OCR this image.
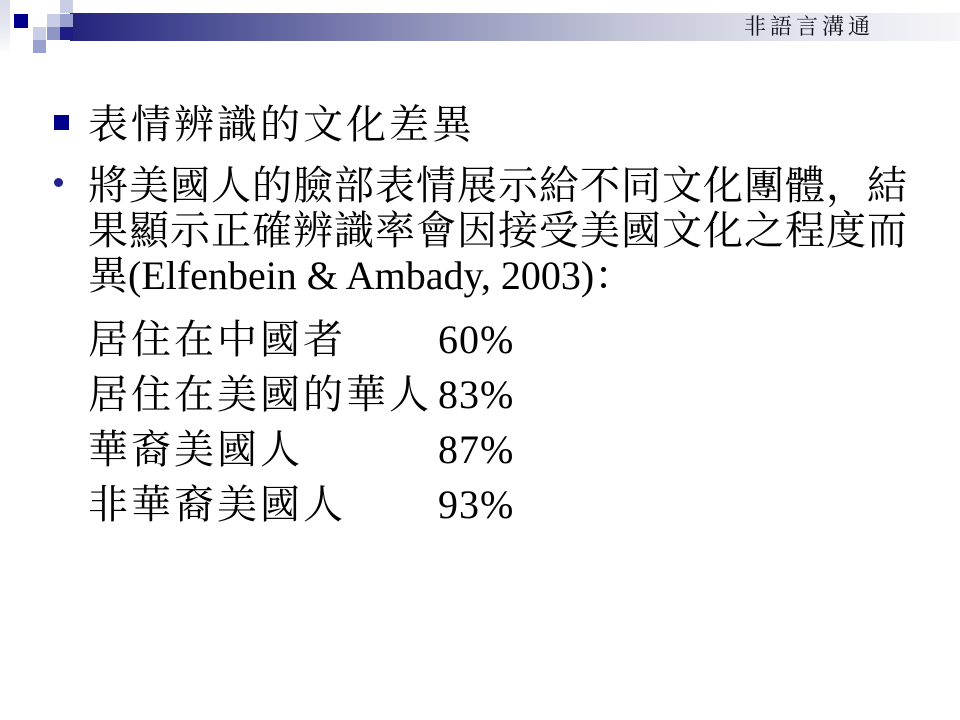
非語言溝通
表情辨識的文化差異
將美國人的臉部表情展示給不同文化團體，結
果顯示正確辨識率會因接受美國文化之程度而
異(Elfenbein & Ambady, 2003)：
居住在中國者 60%
居住在美國的華人 83%
華裔美國人	87%
非華裔美國人 93%
